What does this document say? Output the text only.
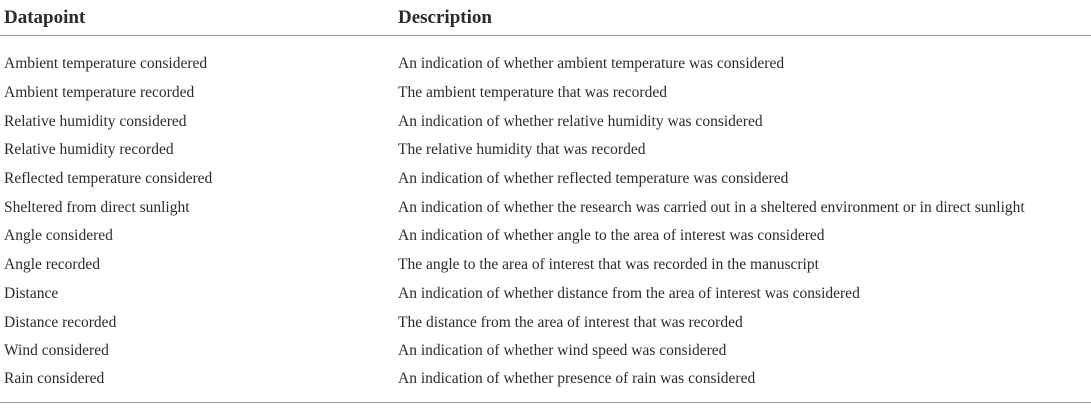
Datapoint	Description

Ambient temperature considered	An indication of whether ambient temperature was considered
Ambient temperature recorded	The ambient temperature that was recorded
Relative humidity considered	An indication of whether relative humidity was considered
Relative humidity recorded	The relative humidity that was recorded
Reflected temperature considered	An indication of whether reflected temperature was considered
Sheltered from direct sunlight	An indication of whether the research was carried out in a sheltered environment or in direct sunlight
Angle considered	An indication of whether angle to the area of interest was considered
Angle recorded	The angle to the area of interest that was recorded in the manuscript
Distance	An indication of whether distance from the area of interest was considered
Distance recorded	The distance from the area of interest that was recorded
Wind considered	An indication of whether wind speed was considered
Rain considered	An indication of whether presence of rain was considered
